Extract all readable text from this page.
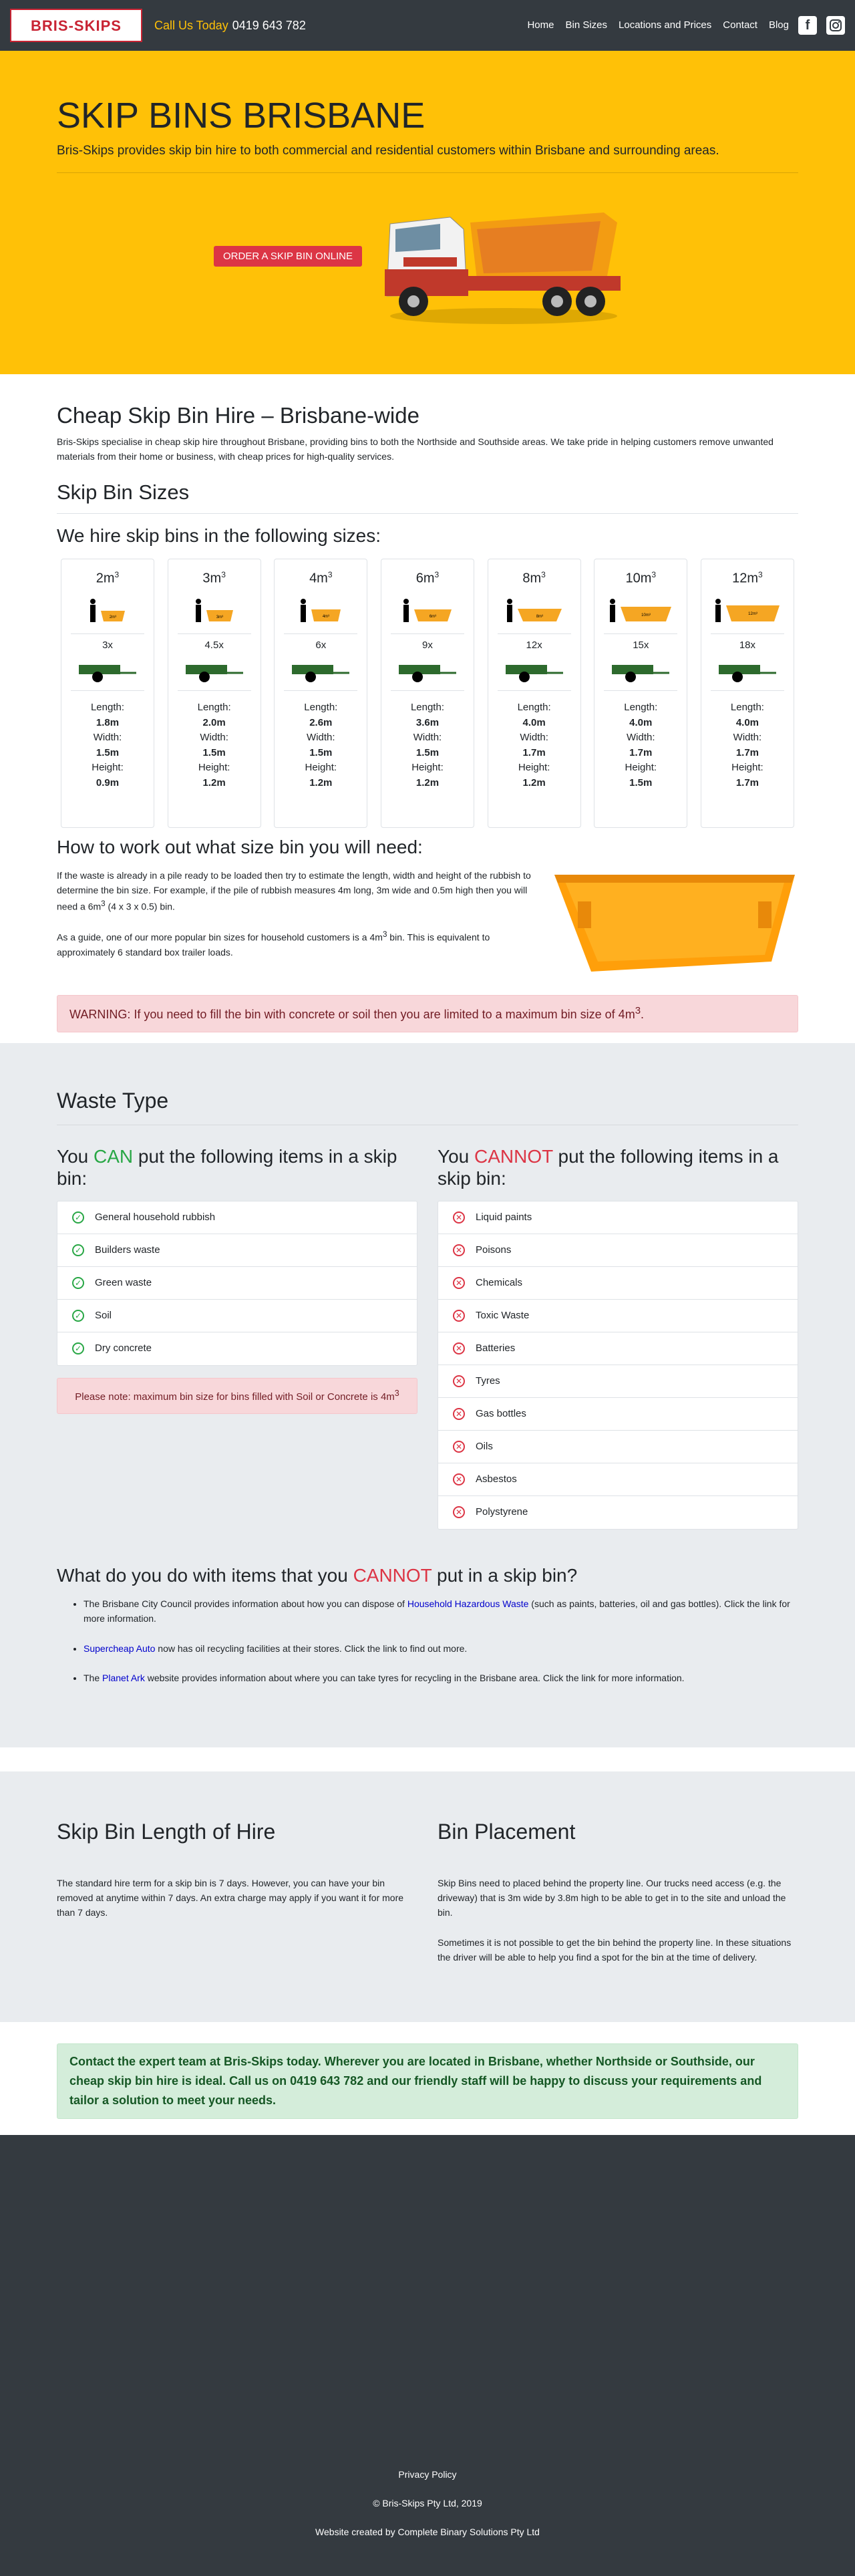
BRIS-SKIPS	Call Us Today 0419 643 782	Home Bin Sizes Locations and Prices Contact Blog	f
SKIP BINS BRISBANE

Bris-Skips provides skip bin hire to both commercial and residential customers within Brisbane and surrounding areas.

ORDER A SKIP BIN ONLINE
Cheap Skip Bin Hire – Brisbane-wide

Bris-Skips specialise in cheap skip hire throughout Brisbane, providing bins to both the Northside and Southside areas. We take pride in helping customers remove unwanted materials from their home or business, with cheap prices for high-quality services.

Skip Bin Sizes
We hire skip bins in the following sizes:
$2m^3$
2m³
3x
Length:
1.8m
Width:
1.5m
Height:
0.9m
$3m^3$
3m³
4.5x
Length:
2.0m
Width:
1.5m
Height:
1.2m
$4m^3$
4m³
6x
Length:
2.6m
Width:
1.5m
Height:
1.2m
$6m^3$
6m³
9x
Length:
3.6m
Width:
1.5m
Height:
1.2m
$8m^3$
8m³
12x
Length:
4.0m
Width:
1.7m
Height:
1.2m
$10m^3$
10m³
15x
Length:
4.0m
Width:
1.7m
Height:
1.5m
$12m^3$
12m³
18x
Length:
4.0m
Width:
1.7m
Height:
1.7m
How to work out what size bin you will need:

If the waste is already in a pile ready to be loaded then try to estimate the length, width and height of the rubbish to determine the bin size. For example, if the pile of rubbish measures 4m long, 3m wide and 0.5m high then you will need a $6m^3$ (4 x 3 x 0.5) bin.

As a guide, one of our more popular bin sizes for household customers is a $4m^3$ bin. This is equivalent to approximately 6 standard box trailer loads.

WARNING: If you need to fill the bin with concrete or soil then you are limited to a maximum bin size of $4m^3$.
Waste Type
You CAN put the following items in a skip bin:
✓ General household rubbish
✓ Builders waste
✓ Green waste
✓ Soil
✓ Dry concrete
Please note: maximum bin size for bins filled with Soil or Concrete is $4m^3$
You CANNOT put the following items in a skip bin:
✕ Liquid paints
✕ Poisons
✕ Chemicals
✕ Toxic Waste
✕ Batteries
✕ Tyres
✕ Gas bottles
✕ Oils
✕ Asbestos
✕ Polystyrene
What do you do with items that you CANNOT put in a skip bin?
• The Brisbane City Council provides information about how you can dispose of Household Hazardous Waste (such as paints, batteries, oil and gas bottles). Click the link for more information.
• Supercheap Auto now has oil recycling facilities at their stores. Click the link to find out more.
• The Planet Ark website provides information about where you can take tyres for recycling in the Brisbane area. Click the link for more information.
Skip Bin Length of Hire

The standard hire term for a skip bin is 7 days. However, you can have your bin removed at anytime within 7 days. An extra charge may apply if you want it for more than 7 days.

Bin Placement

Skip Bins need to placed behind the property line. Our trucks need access (e.g. the driveway) that is 3m wide by 3.8m high to be able to get in to the site and unload the bin.

Sometimes it is not possible to get the bin behind the property line. In these situations the driver will be able to help you find a spot for the bin at the time of delivery.

Contact the expert team at Bris-Skips today. Wherever you are located in Brisbane, whether Northside or Southside, our cheap skip bin hire is ideal. Call us on 0419 643 782 and our friendly staff will be happy to discuss your requirements and tailor a solution to meet your needs.
Privacy Policy
© Bris-Skips Pty Ltd, 2019
Website created by Complete Binary Solutions Pty Ltd
